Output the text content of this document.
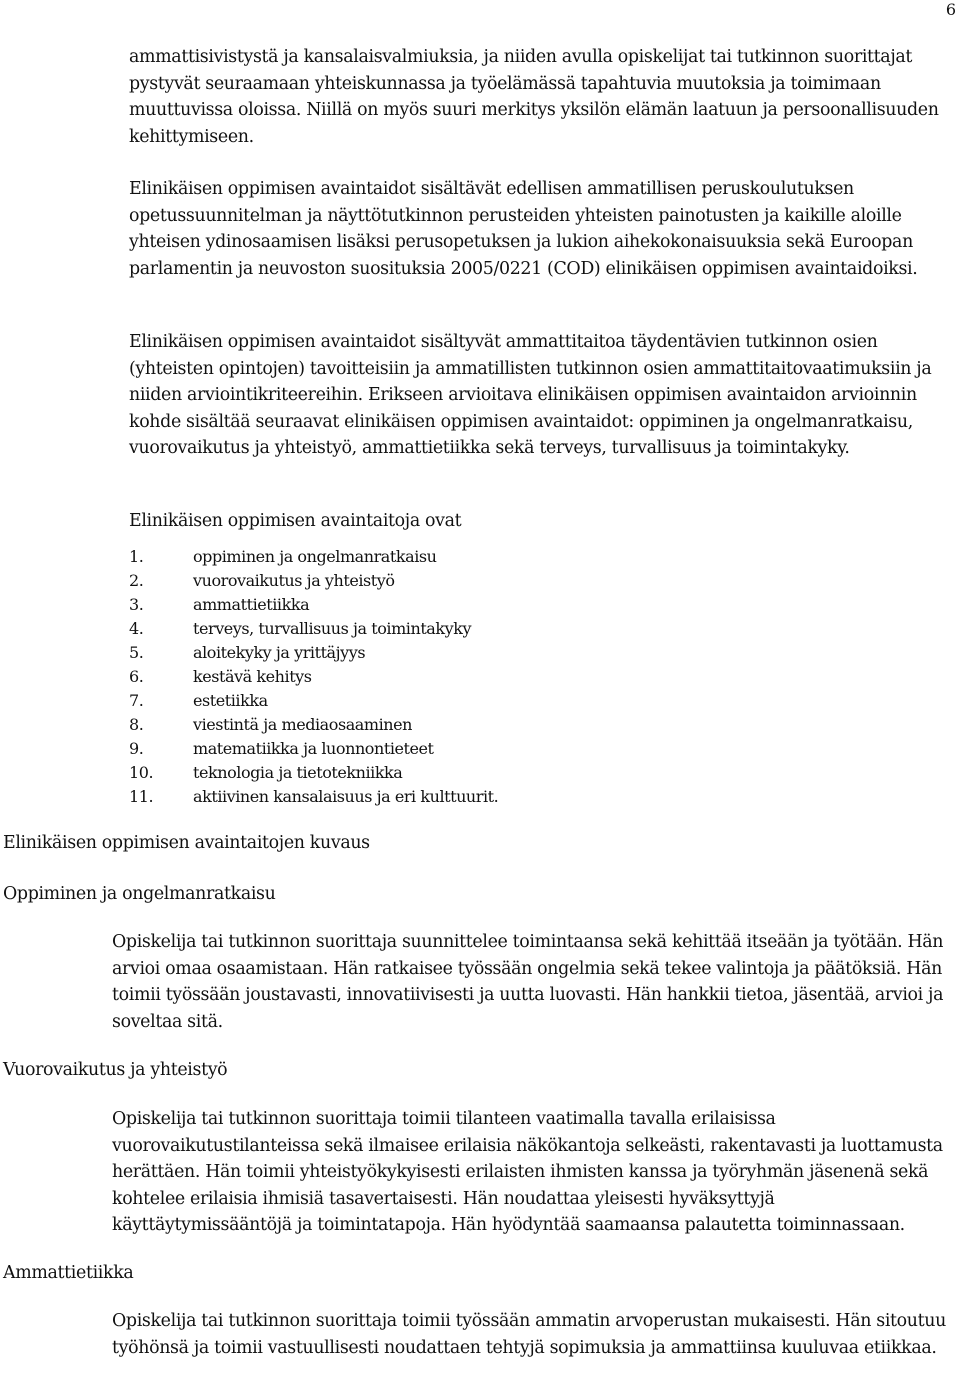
6

ammattisivistystä ja kansalaisvalmiuksia, ja niiden avulla opiskelijat tai tutkinnon suorittajat pystyvät seuraamaan yhteiskunnassa ja työelämässä tapahtuvia muutoksia ja toimimaan muuttuvissa oloissa. Niillä on myös suuri merkitys yksilön elämän laatuun ja persoonallisuuden kehittymiseen.

Elinikäisen oppimisen avaintaidot sisältävät edellisen ammatillisen peruskoulutuksen opetussuunnitelman ja näyttötutkinnon perusteiden yhteisten painotusten ja kaikille aloille yhteisen ydinosaamisen lisäksi perusopetuksen ja lukion aihekokonaisuuksia sekä Euroopan parlamentin ja neuvoston suosituksia 2005/0221 (COD) elinikäisen oppimisen avaintaidoiksi.

Elinikäisen oppimisen avaintaidot sisältyvät ammattitaitoa täydentävien tutkinnon osien (yhteisten opintojen) tavoitteisiin ja ammatillisten tutkinnon osien ammattitaitovaatimuksiin ja niiden arviointikriteereihin. Erikseen arvioitava elinikäisen oppimisen avaintaidon arvioinnin kohde sisältää seuraavat elinikäisen oppimisen avaintaidot: oppiminen ja ongelmanratkaisu, vuorovaikutus ja yhteistyö, ammattietiikka sekä terveys, turvallisuus ja toimintakyky.

Elinikäisen oppimisen avaintaitoja ovat
1.	oppiminen ja ongelmanratkaisu
2.	vuorovaikutus ja yhteistyö
3.	ammattietiikka
4.	terveys, turvallisuus ja toimintakyky
5.	aloitekyky ja yrittäjyys
6.	kestävä kehitys
7.	estetiikka
8.	viestintä ja mediaosaaminen
9.	matematiikka ja luonnontieteet
10.	teknologia ja tietotekniikka
11.	aktiivinen kansalaisuus ja eri kulttuurit.
Elinikäisen oppimisen avaintaitojen kuvaus
Oppiminen ja ongelmanratkaisu

Opiskelija tai tutkinnon suorittaja suunnittelee toimintaansa sekä kehittää itseään ja työtään. Hän arvioi omaa osaamistaan. Hän ratkaisee työssään ongelmia sekä tekee valintoja ja päätöksiä. Hän toimii työssään joustavasti, innovatiivisesti ja uutta luovasti. Hän hankkii tietoa, jäsentää, arvioi ja soveltaa sitä.

Vuorovaikutus ja yhteistyö

Opiskelija tai tutkinnon suorittaja toimii tilanteen vaatimalla tavalla erilaisissa vuorovaikutustilanteissa sekä ilmaisee erilaisia näkökantoja selkeästi, rakentavasti ja luottamusta herättäen. Hän toimii yhteistyökykyisesti erilaisten ihmisten kanssa ja työryhmän jäsenenä sekä kohtelee erilaisia ihmisiä tasavertaisesti. Hän noudattaa yleisesti hyväksyttyjä käyttäytymissääntöjä ja toimintatapoja. Hän hyödyntää saamaansa palautetta toiminnassaan.

Ammattietiikka

Opiskelija tai tutkinnon suorittaja toimii työssään ammatin arvoperustan mukaisesti. Hän sitoutuu työhönsä ja toimii vastuullisesti noudattaen tehtyjä sopimuksia ja ammattiinsa kuuluvaa etiikkaa.
